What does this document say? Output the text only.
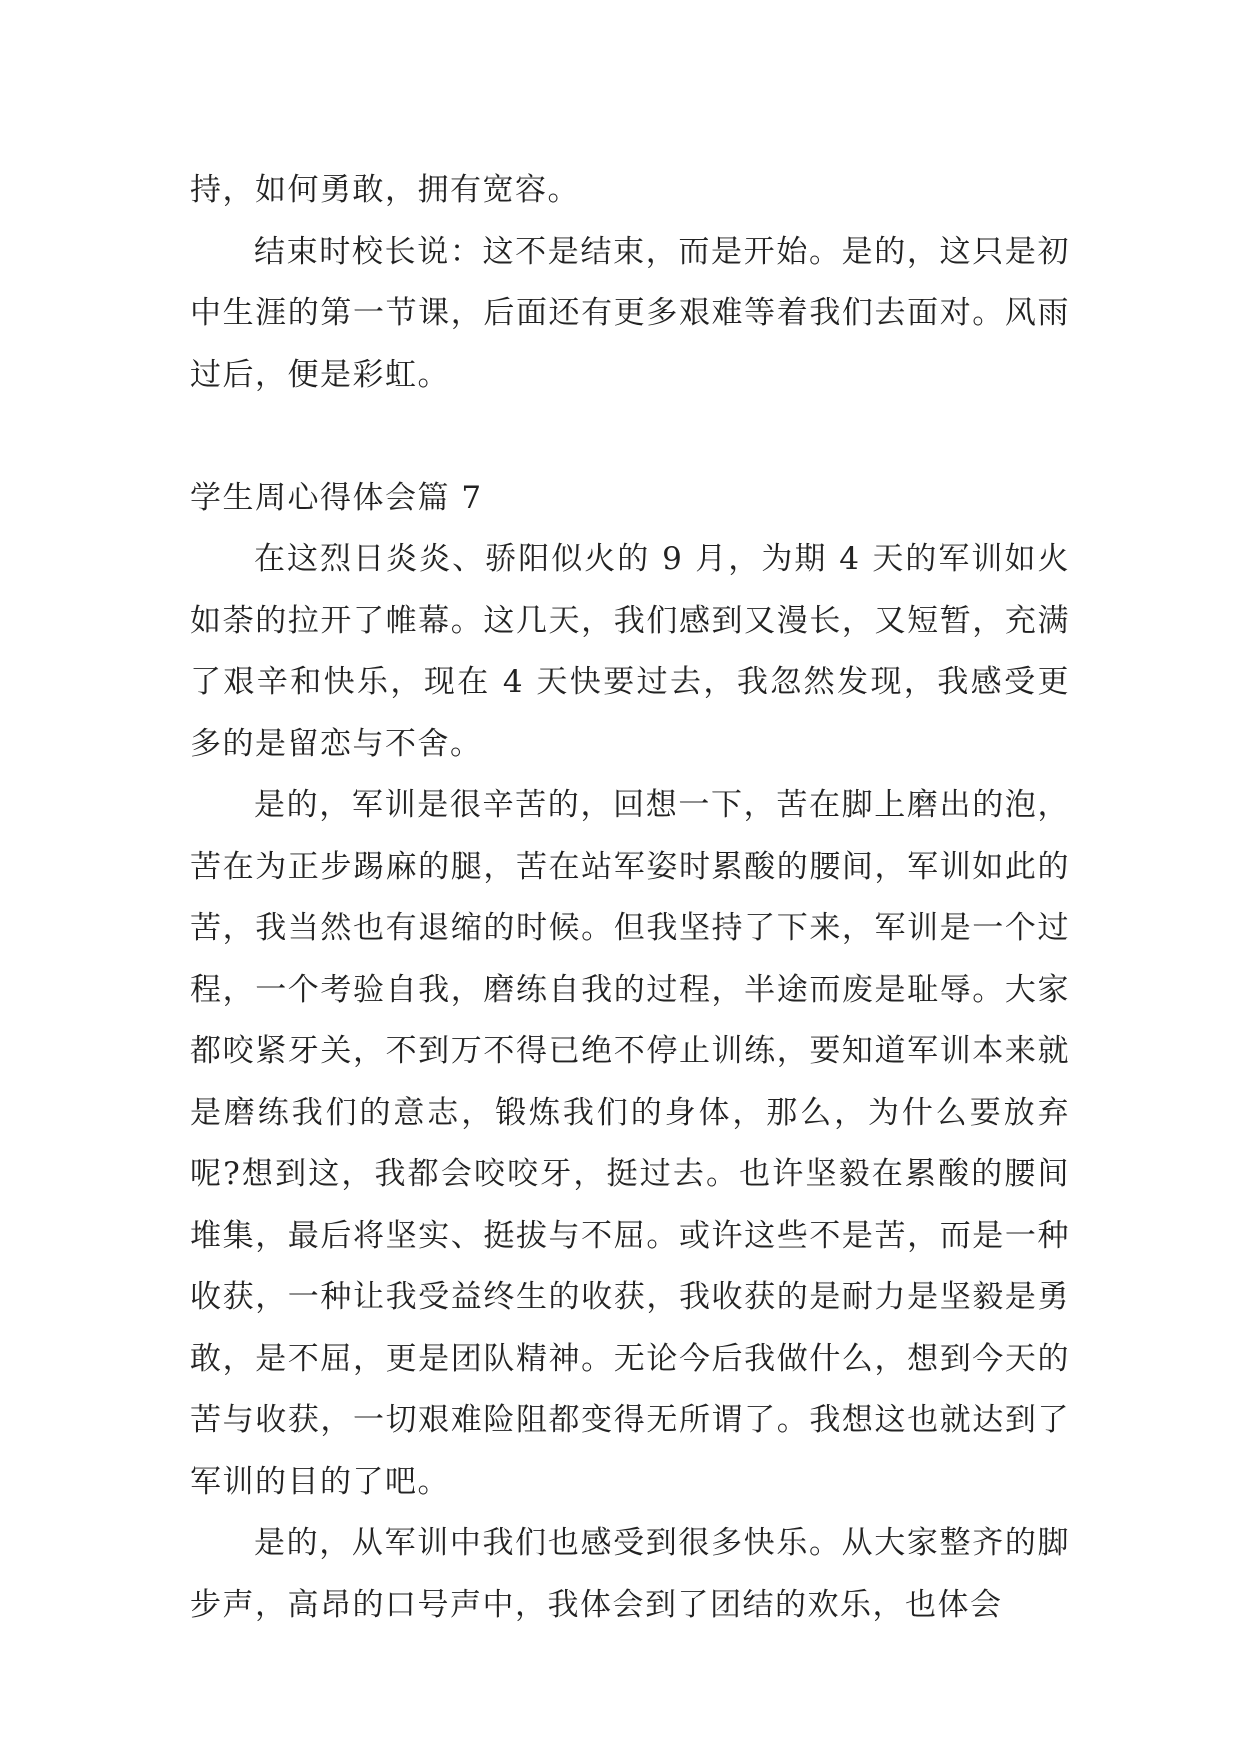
持，如何勇敢，拥有宽容。

结束时校长说：这不是结束，而是开始。是的，这只是初中生涯的第一节课，后面还有更多艰难等着我们去面对。风雨过后，便是彩虹。

学生周心得体会篇 7

在这烈日炎炎、骄阳似火的 9 月，为期 4 天的军训如火如荼的拉开了帷幕。这几天，我们感到又漫长，又短暂，充满了艰辛和快乐，现在 4 天快要过去，我忽然发现，我感受更多的是留恋与不舍。

是的，军训是很辛苦的，回想一下，苦在脚上磨出的泡，苦在为正步踢麻的腿，苦在站军姿时累酸的腰间，军训如此的苦，我当然也有退缩的时候。但我坚持了下来，军训是一个过程，一个考验自我，磨练自我的过程，半途而废是耻辱。大家都咬紧牙关，不到万不得已绝不停止训练，要知道军训本来就是磨练我们的意志，锻炼我们的身体，那么，为什么要放弃呢?想到这，我都会咬咬牙，挺过去。也许坚毅在累酸的腰间堆集，最后将坚实、挺拔与不屈。或许这些不是苦，而是一种收获，一种让我受益终生的收获，我收获的是耐力是坚毅是勇敢，是不屈，更是团队精神。无论今后我做什么，想到今天的苦与收获，一切艰难险阻都变得无所谓了。我想这也就达到了军训的目的了吧。

是的，从军训中我们也感受到很多快乐。从大家整齐的脚步声，高昂的口号声中，我体会到了团结的欢乐，也体会
